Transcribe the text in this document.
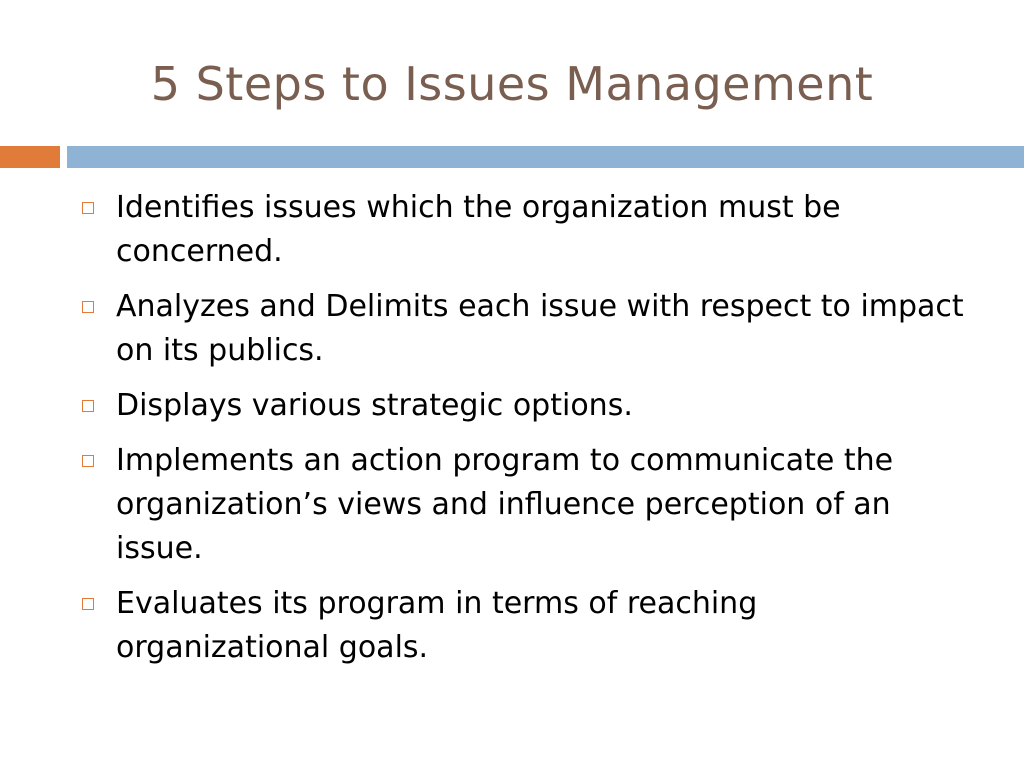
5 Steps to Issues Management
Identifies issues which the organization must be concerned.
Analyzes and Delimits each issue with respect to impact on its publics.
Displays various strategic options.
Implements an action program to communicate the organization’s views and influence perception of an issue.
Evaluates its program in terms of reaching organizational goals.
